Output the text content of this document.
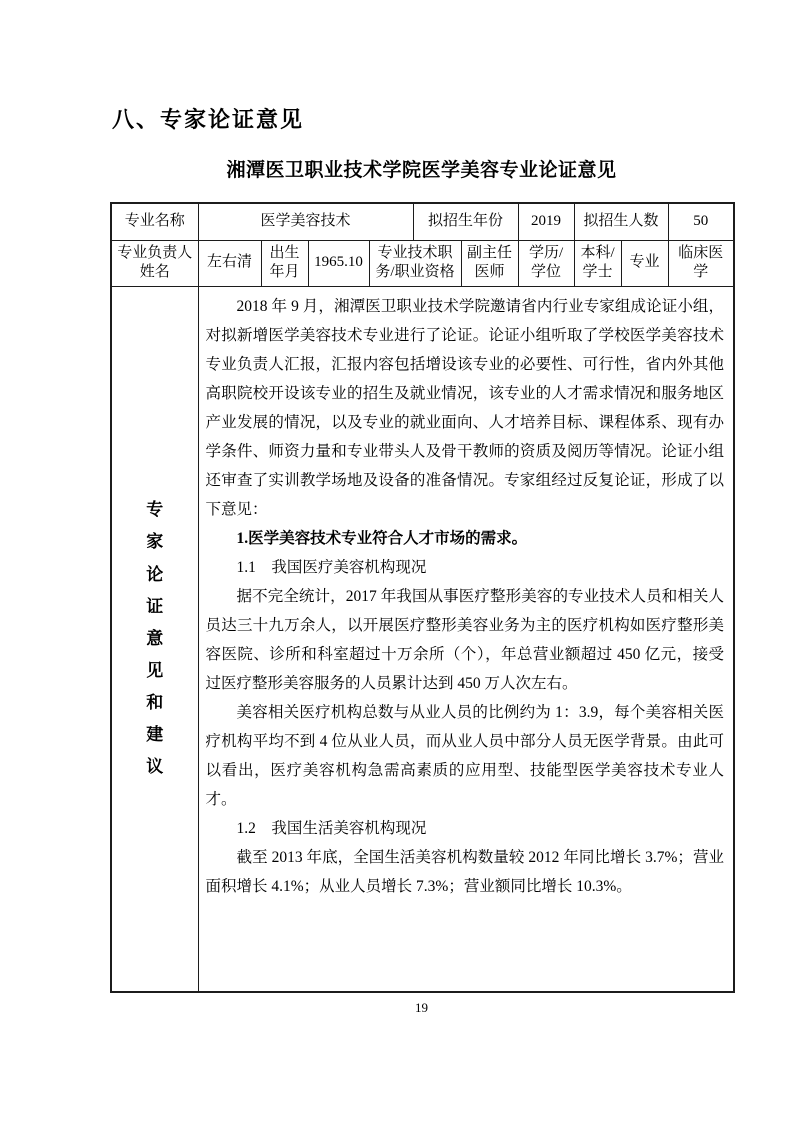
八、专家论证意见
湘潭医卫职业技术学院医学美容专业论证意见
专业名称	医学美容技术				拟招生年份		2019	拟招生人数		50
专业负责人姓名	左右清	出生年月	1965.10	专业技术职务/职业资格		副主任医师	学历/学位	本科/学士	专业	临床医学

专
家
论
证
意
见
和
建
议

2018 年 9 月，湘潭医卫职业技术学院邀请省内行业专家组成论证小组，对拟新增医学美容技术专业进行了论证。论证小组听取了学校医学美容技术专业负责人汇报，汇报内容包括增设该专业的必要性、可行性，省内外其他高职院校开设该专业的招生及就业情况，该专业的人才需求情况和服务地区产业发展的情况，以及专业的就业面向、人才培养目标、课程体系、现有办学条件、师资力量和专业带头人及骨干教师的资质及阅历等情况。论证小组还审查了实训教学场地及设备的准备情况。专家组经过反复论证，形成了以下意见：

1.医学美容技术专业符合人才市场的需求。

1.1　我国医疗美容机构现况

据不完全统计，2017 年我国从事医疗整形美容的专业技术人员和相关人员达三十九万余人，以开展医疗整形美容业务为主的医疗机构如医疗整形美容医院、诊所和科室超过十万余所（个），年总营业额超过 450 亿元，接受过医疗整形美容服务的人员累计达到 450 万人次左右。

美容相关医疗机构总数与从业人员的比例约为 1：3.9，每个美容相关医疗机构平均不到 4 位从业人员，而从业人员中部分人员无医学背景。由此可以看出，医疗美容机构急需高素质的应用型、技能型医学美容技术专业人才。

1.2　我国生活美容机构现况

截至 2013 年底，全国生活美容机构数量较 2012 年同比增长 3.7%；营业面积增长 4.1%；从业人员增长 7.3%；营业额同比增长 10.3%。

19
